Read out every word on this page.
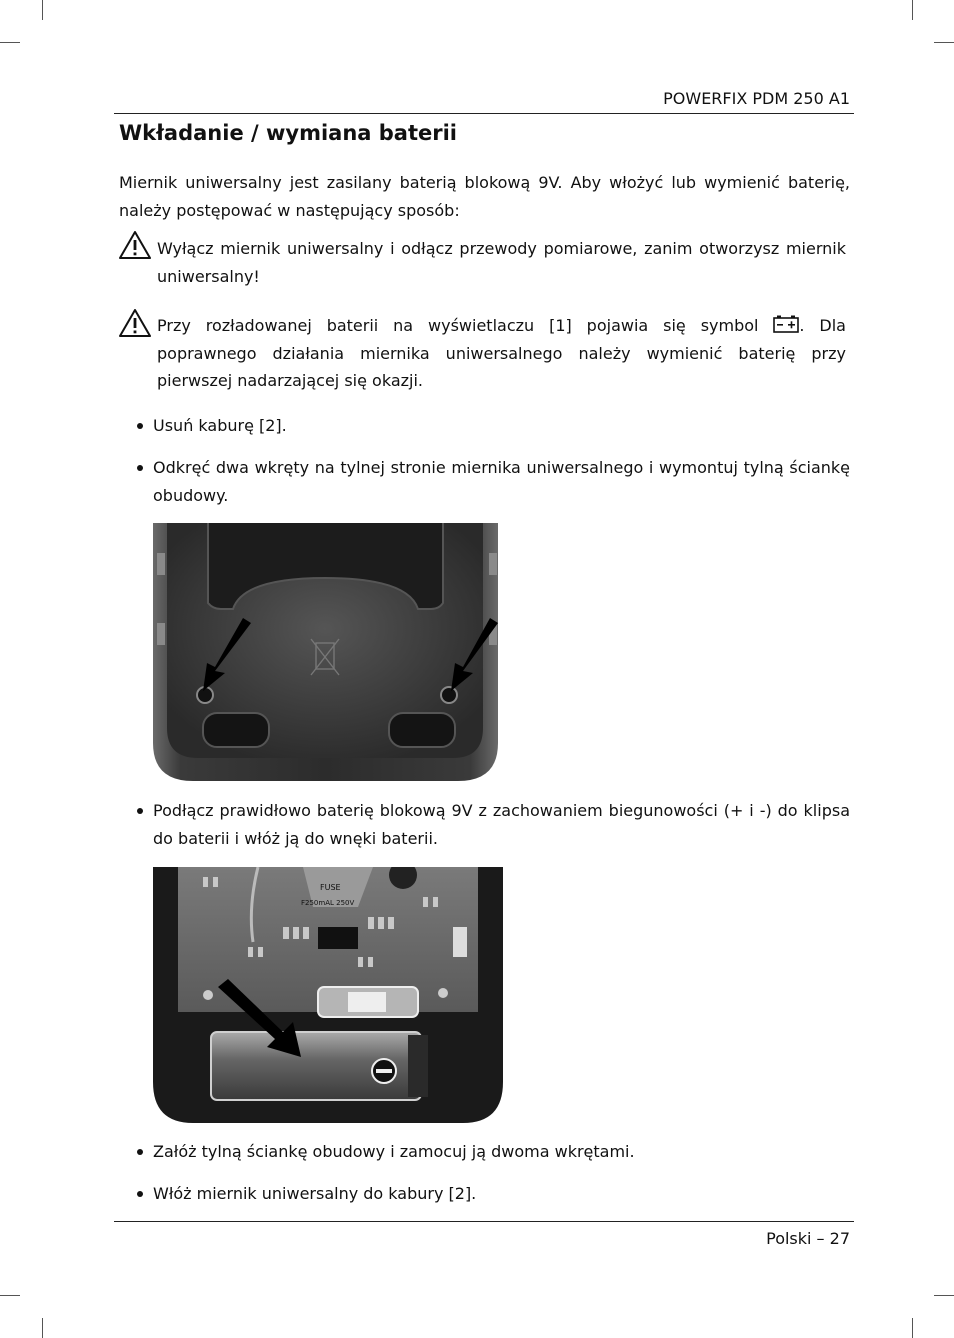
POWERFIX PDM 250 A1
Wkładanie / wymiana baterii

Miernik uniwersalny jest zasilany baterią blokową 9V. Aby włożyć lub wymienić baterię, należy postępować w następujący sposób:

Wyłącz miernik uniwersalny i odłącz przewody pomiarowe, zanim otworzysz miernik uniwersalny!

Przy rozładowanej baterii na wyświetlaczu [1] pojawia się symbol . Dla poprawnego działania miernika uniwersalnego należy wymienić baterię przy pierwszej nadarzającej się okazji.

Usuń kaburę [2].

Odkręć dwa wkręty na tylnej stronie miernika uniwersalnego i wymontuj tylną ściankę obudowy.

Podłącz prawidłowo baterię blokową 9V z zachowaniem biegunowości (+ i -) do klipsa do baterii i włóż ją do wnęki baterii.

FUSE
F250mAL 250V

Załóż tylną ściankę obudowy i zamocuj ją dwoma wkrętami.

Włóż miernik uniwersalny do kabury [2].

Polski – 27
